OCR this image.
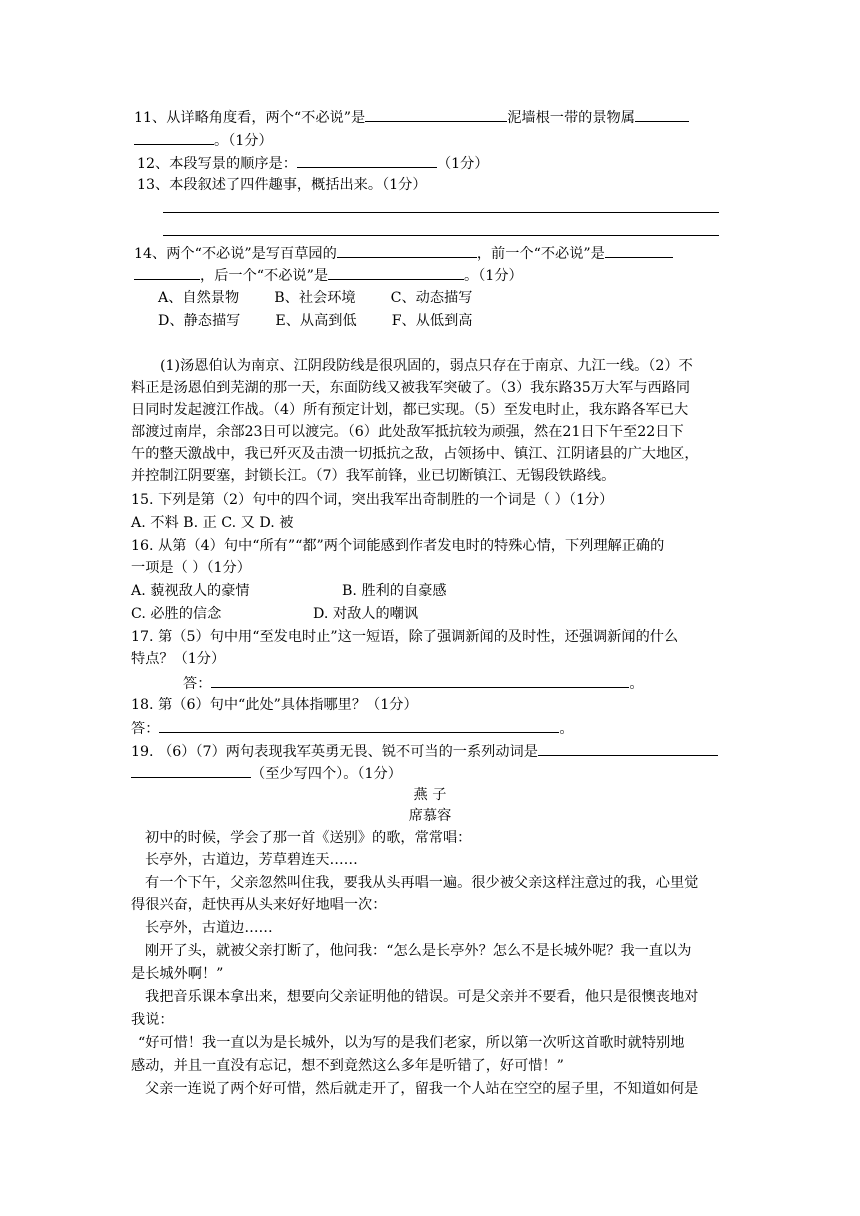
11、从详略角度看，两个“不必说”是	泥墙根一带的景物属
。（1分）
12、本段写景的顺序是：	（1分）
13、本段叙述了四件趣事，概括出来。（1分）
14、两个“不必说”是写百草园的	，前一个“不必说”是
，后一个“不必说”是	。（1分）
A、自然景物 B、社会环境 C、动态描写
D、静态描写 E、从高到低 F、从低到高
(1)汤恩伯认为南京、江阴段防线是很巩固的，弱点只存在于南京、九江一线。（2）不
料正是汤恩伯到芜湖的那一天，东面防线又被我军突破了。（3）我东路35万大军与西路同
日同时发起渡江作战。（4）所有预定计划，都已实现。（5）至发电时止，我东路各军已大
部渡过南岸，余部23日可以渡完。（6）此处敌军抵抗较为顽强，然在21日下午至22日下
午的整天激战中，我已歼灭及击溃一切抵抗之敌，占领扬中、镇江、江阴诸县的广大地区，
并控制江阴要塞，封锁长江。（7）我军前锋，业已切断镇江、无锡段铁路线。
15. 下列是第（2）句中的四个词，突出我军出奇制胜的一个词是（ ）（1分）
A. 不料 B. 正 C. 又 D. 被
16. 从第（4）句中“所有”“都”两个词能感到作者发电时的特殊心情，下列理解正确的
一项是（ ）（1分）
A. 藐视敌人的豪情	B. 胜利的自豪感
C. 必胜的信念	D. 对敌人的嘲讽
17. 第（5）句中用“至发电时止”这一短语，除了强调新闻的及时性，还强调新闻的什么
特点？（1分）
答：	。
18. 第（6）句中“此处”具体指哪里？（1分）
答：	。
19. （6）（7）两句表现我军英勇无畏、锐不可当的一系列动词是
（至少写四个）。（1分）
燕 子
席慕容
初中的时候，学会了那一首《送别》的歌，常常唱：
长亭外，古道边，芳草碧连天……
有一个下午，父亲忽然叫住我，要我从头再唱一遍。很少被父亲这样注意过的我，心里觉
得很兴奋，赶快再从头来好好地唱一次：
长亭外，古道边……
刚开了头，就被父亲打断了，他问我：“怎么是长亭外？怎么不是长城外呢？我一直以为
是长城外啊！”
我把音乐课本拿出来，想要向父亲证明他的错误。可是父亲并不要看，他只是很懊丧地对
我说：
“好可惜！我一直以为是长城外，以为写的是我们老家，所以第一次听这首歌时就特别地
感动，并且一直没有忘记，想不到竟然这么多年是听错了，好可惜！”
父亲一连说了两个好可惜，然后就走开了，留我一个人站在空空的屋子里，不知道如何是
